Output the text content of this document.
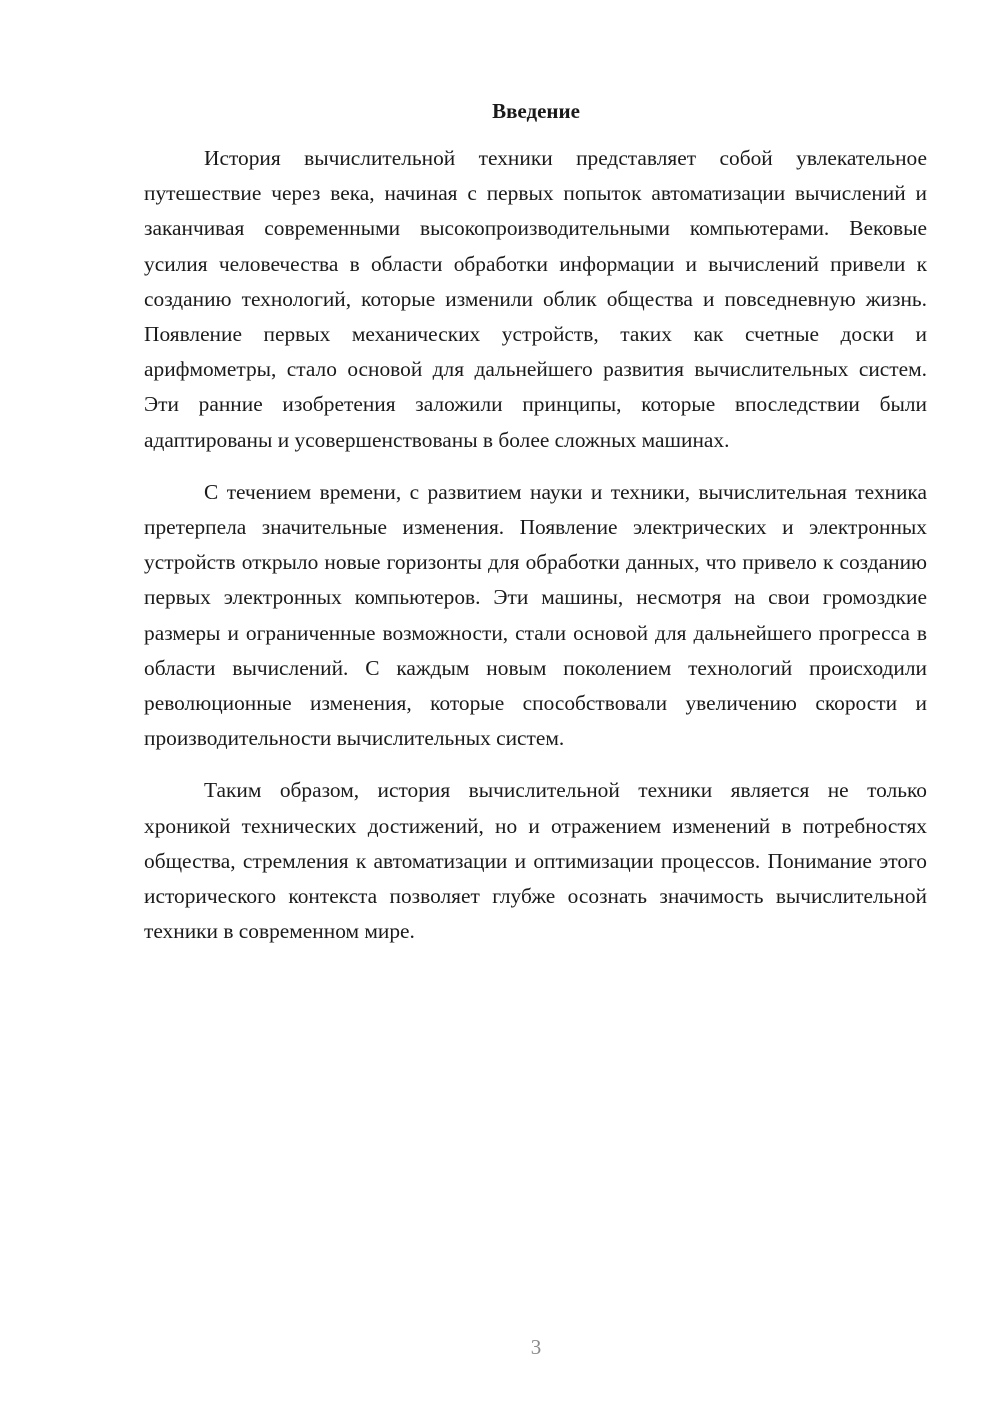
Введение

История вычислительной техники представляет собой увлекательное путешествие через века, начиная с первых попыток автоматизации вычислений и заканчивая современными высокопроизводительными компьютерами. Вековые усилия человечества в области обработки информации и вычислений привели к созданию технологий, которые изменили облик общества и повседневную жизнь. Появление первых механических устройств, таких как счетные доски и арифмометры, стало основой для дальнейшего развития вычислительных систем. Эти ранние изобретения заложили принципы, которые впоследствии были адаптированы и усовершенствованы в более сложных машинах.

С течением времени, с развитием науки и техники, вычислительная техника претерпела значительные изменения. Появление электрических и электронных устройств открыло новые горизонты для обработки данных, что привело к созданию первых электронных компьютеров. Эти машины, несмотря на свои громоздкие размеры и ограниченные возможности, стали основой для дальнейшего прогресса в области вычислений. С каждым новым поколением технологий происходили революционные изменения, которые способствовали увеличению скорости и производительности вычислительных систем.

Таким образом, история вычислительной техники является не только хроникой технических достижений, но и отражением изменений в потребностях общества, стремления к автоматизации и оптимизации процессов. Понимание этого исторического контекста позволяет глубже осознать значимость вычислительной техники в современном мире.

3
